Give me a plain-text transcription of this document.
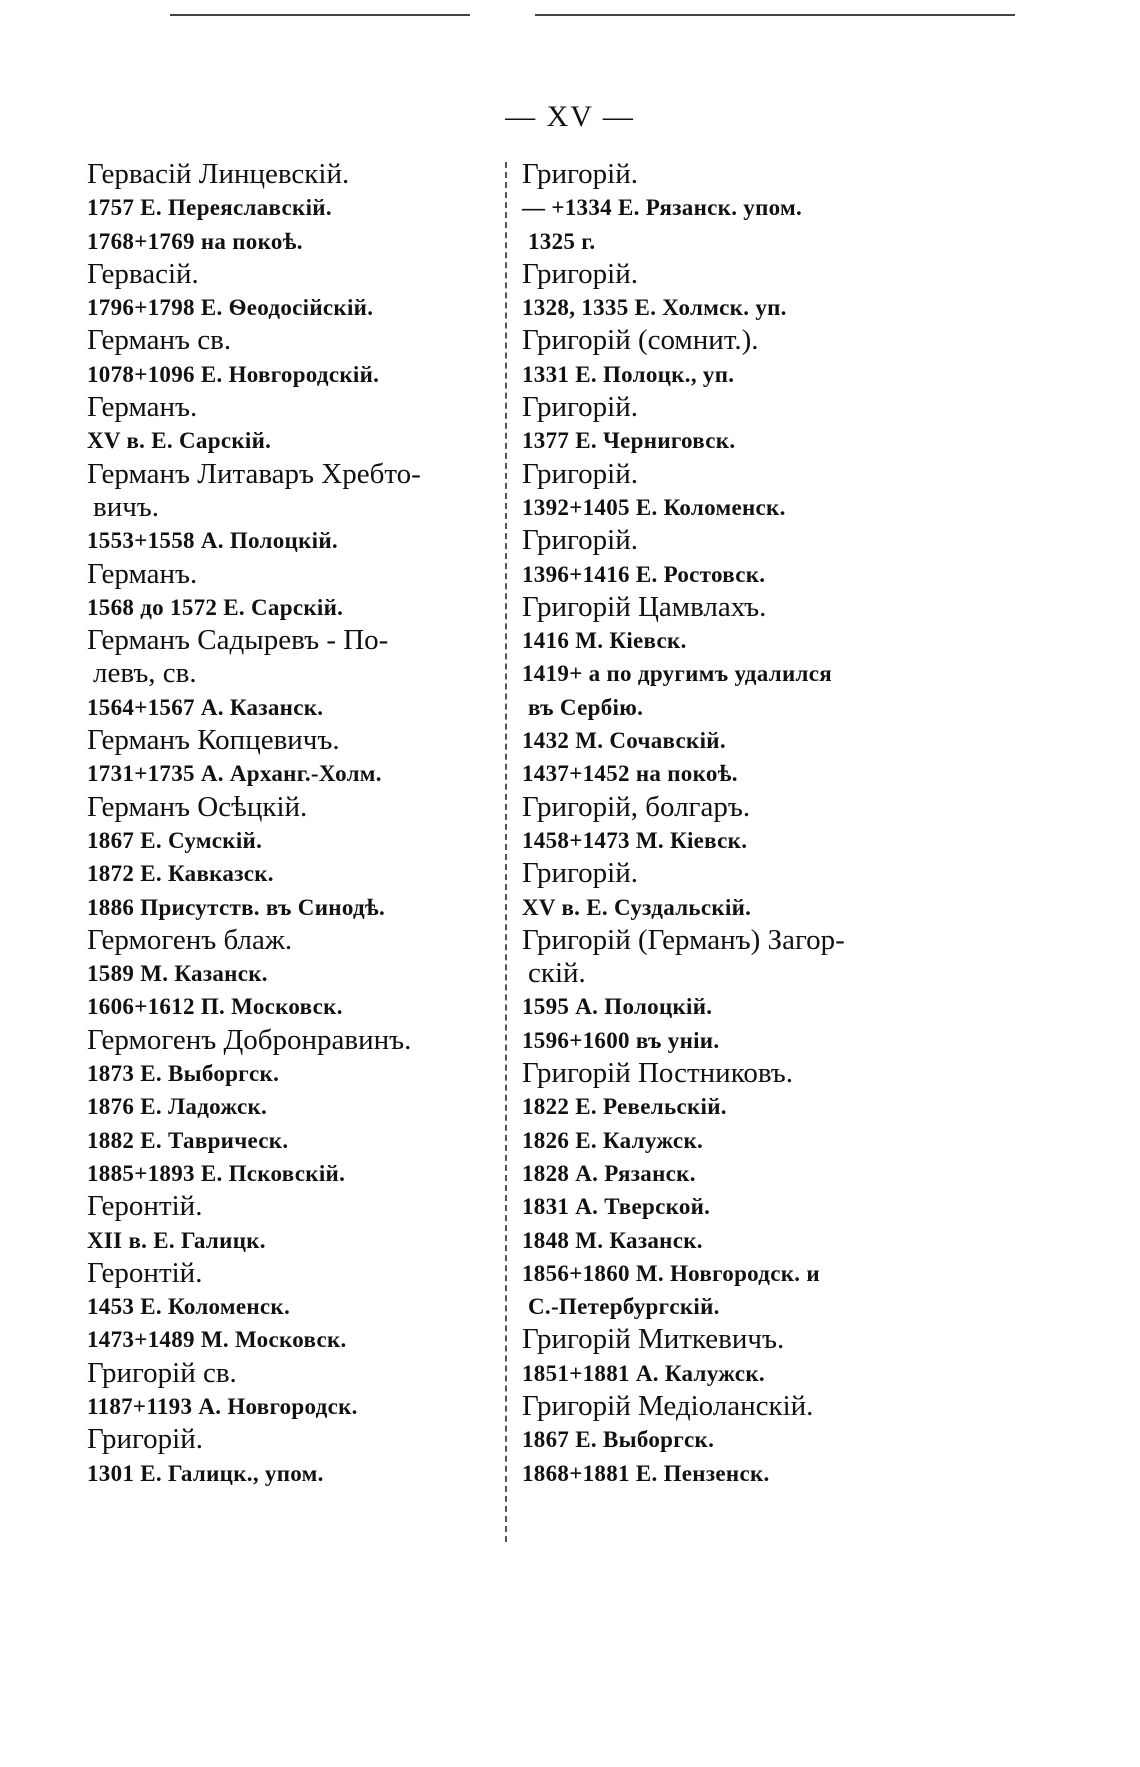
— XV —
Гервасій Линцевскій.
1757 Е. Переяславскій.
1768+1769 на покоѣ.
Гервасій.
1796+1798 Е. Ѳеодосійскій.
Германъ св.
1078+1096 Е. Новгородскій.
Германъ.
XV в. Е. Сарскій.
Германъ Литаваръ Хребто-
вичъ.
1553+1558 А. Полоцкій.
Германъ.
1568 до 1572 Е. Сарскій.
Германъ Садыревъ - По-
левъ, св.
1564+1567 А. Казанск.
Германъ Копцевичъ.
1731+1735 А. Арханг.-Холм.
Германъ Осѣцкій.
1867 Е. Сумскій.
1872 Е. Кавказск.
1886 Присутств. въ Синодѣ.
Гермогенъ блаж.
1589 М. Казанск.
1606+1612 П. Московск.
Гермогенъ Добронравинъ.
1873 Е. Выборгск.
1876 Е. Ладожск.
1882 Е. Таврическ.
1885+1893 Е. Псковскій.
Геронтій.
XII в. Е. Галицк.
Геронтій.
1453 Е. Коломенск.
1473+1489 М. Московск.
Григорій св.
1187+1193 А. Новгородск.
Григорій.
1301 Е. Галицк., упом.
Григорій.
— +1334 Е. Рязанск. упом.
1325 г.
Григорій.
1328, 1335 Е. Холмск. уп.
Григорій (сомнит.).
1331 Е. Полоцк., уп.
Григорій.
1377 Е. Черниговск.
Григорій.
1392+1405 Е. Коломенск.
Григорій.
1396+1416 Е. Ростовск.
Григорій Цамвлахъ.
1416 М. Кіевск.
1419+ а по другимъ удалился
въ Сербію.
1432 М. Сочавскій.
1437+1452 на покоѣ.
Григорій, болгаръ.
1458+1473 М. Кіевск.
Григорій.
XV в. Е. Суздальскій.
Григорій (Германъ) Загор-
скій.
1595 А. Полоцкій.
1596+1600 въ уніи.
Григорій Постниковъ.
1822 Е. Ревельскій.
1826 Е. Калужск.
1828 А. Рязанск.
1831 А. Тверской.
1848 М. Казанск.
1856+1860 М. Новгородск. и
С.-Петербургскій.
Григорій Миткевичъ.
1851+1881 А. Калужск.
Григорій Медіоланскій.
1867 Е. Выборгск.
1868+1881 Е. Пензенск.
